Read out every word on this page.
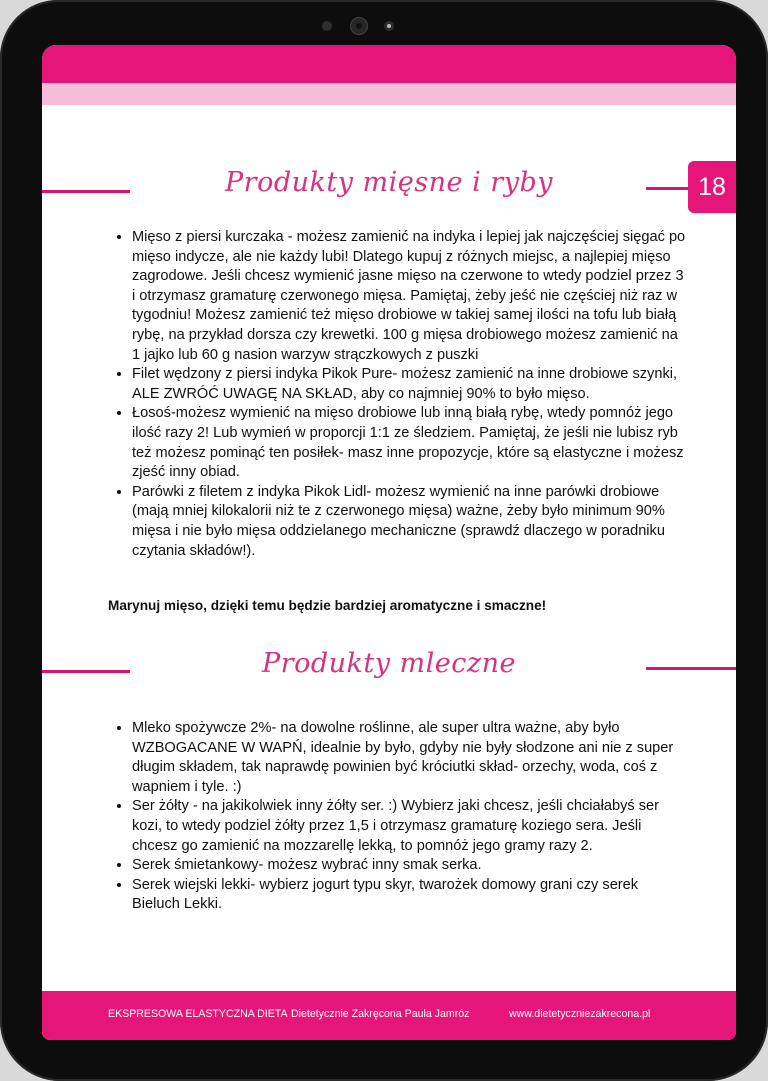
18
Produkty mięsne i ryby
• Mięso z piersi kurczaka - możesz zamienić na indyka i lepiej jak najczęściej sięgać po mięso indycze, ale nie każdy lubi! Dlatego kupuj z różnych miejsc, a najlepiej mięso zagrodowe. Jeśli chcesz wymienić jasne mięso na czerwone to wtedy podziel przez 3 i otrzymasz gramaturę czerwonego mięsa. Pamiętaj, żeby jeść nie częściej niż raz w tygodniu! Możesz zamienić też mięso drobiowe w takiej samej ilości na tofu lub białą rybę, na przykład dorsza czy krewetki. 100 g mięsa drobiowego możesz zamienić na 1 jajko lub 60 g nasion warzyw strączkowych z puszki
• Filet wędzony z piersi indyka Pikok Pure- możesz zamienić na inne drobiowe szynki, ALE ZWRÓĆ UWAGĘ NA SKŁAD, aby co najmniej 90% to było mięso.
• Łosoś-możesz wymienić na mięso drobiowe lub inną białą rybę, wtedy pomnóż jego ilość razy 2! Lub wymień w proporcji 1:1 ze śledziem. Pamiętaj, że jeśli nie lubisz ryb też możesz pominąć ten posiłek- masz inne propozycje, które są elastyczne i możesz zjeść inny obiad.
• Parówki z filetem z indyka Pikok Lidl- możesz wymienić na inne parówki drobiowe (mają mniej kilokalorii niż te z czerwonego mięsa) ważne, żeby było minimum 90% mięsa i nie było mięsa oddzielanego mechaniczne (sprawdź dlaczego w poradniku czytania składów!).
Marynuj mięso, dzięki temu będzie bardziej aromatyczne i smaczne!
Produkty mleczne
• Mleko spożywcze 2%- na dowolne roślinne, ale super ultra ważne, aby było WZBOGACANE W WAPŃ, idealnie by było, gdyby nie były słodzone ani nie z super długim składem, tak naprawdę powinien być króciutki skład- orzechy, woda, coś z wapniem i tyle. :)
• Ser żółty - na jakikolwiek inny żółty ser. :) Wybierz jaki chcesz, jeśli chciałabyś ser kozi, to wtedy podziel żółty przez 1,5 i otrzymasz gramaturę koziego sera. Jeśli chcesz go zamienić na mozzarellę lekką, to pomnóż jego gramy razy 2.
• Serek śmietankowy- możesz wybrać inny smak serka.
• Serek wiejski lekki- wybierz jogurt typu skyr, twarożek domowy grani czy serek Bieluch Lekki.
EKSPRESOWA ELASTYCZNA DIETA Dietetycznie Zakręcona Paula Jamróz	www.dietetyczniezakrecona.pl
